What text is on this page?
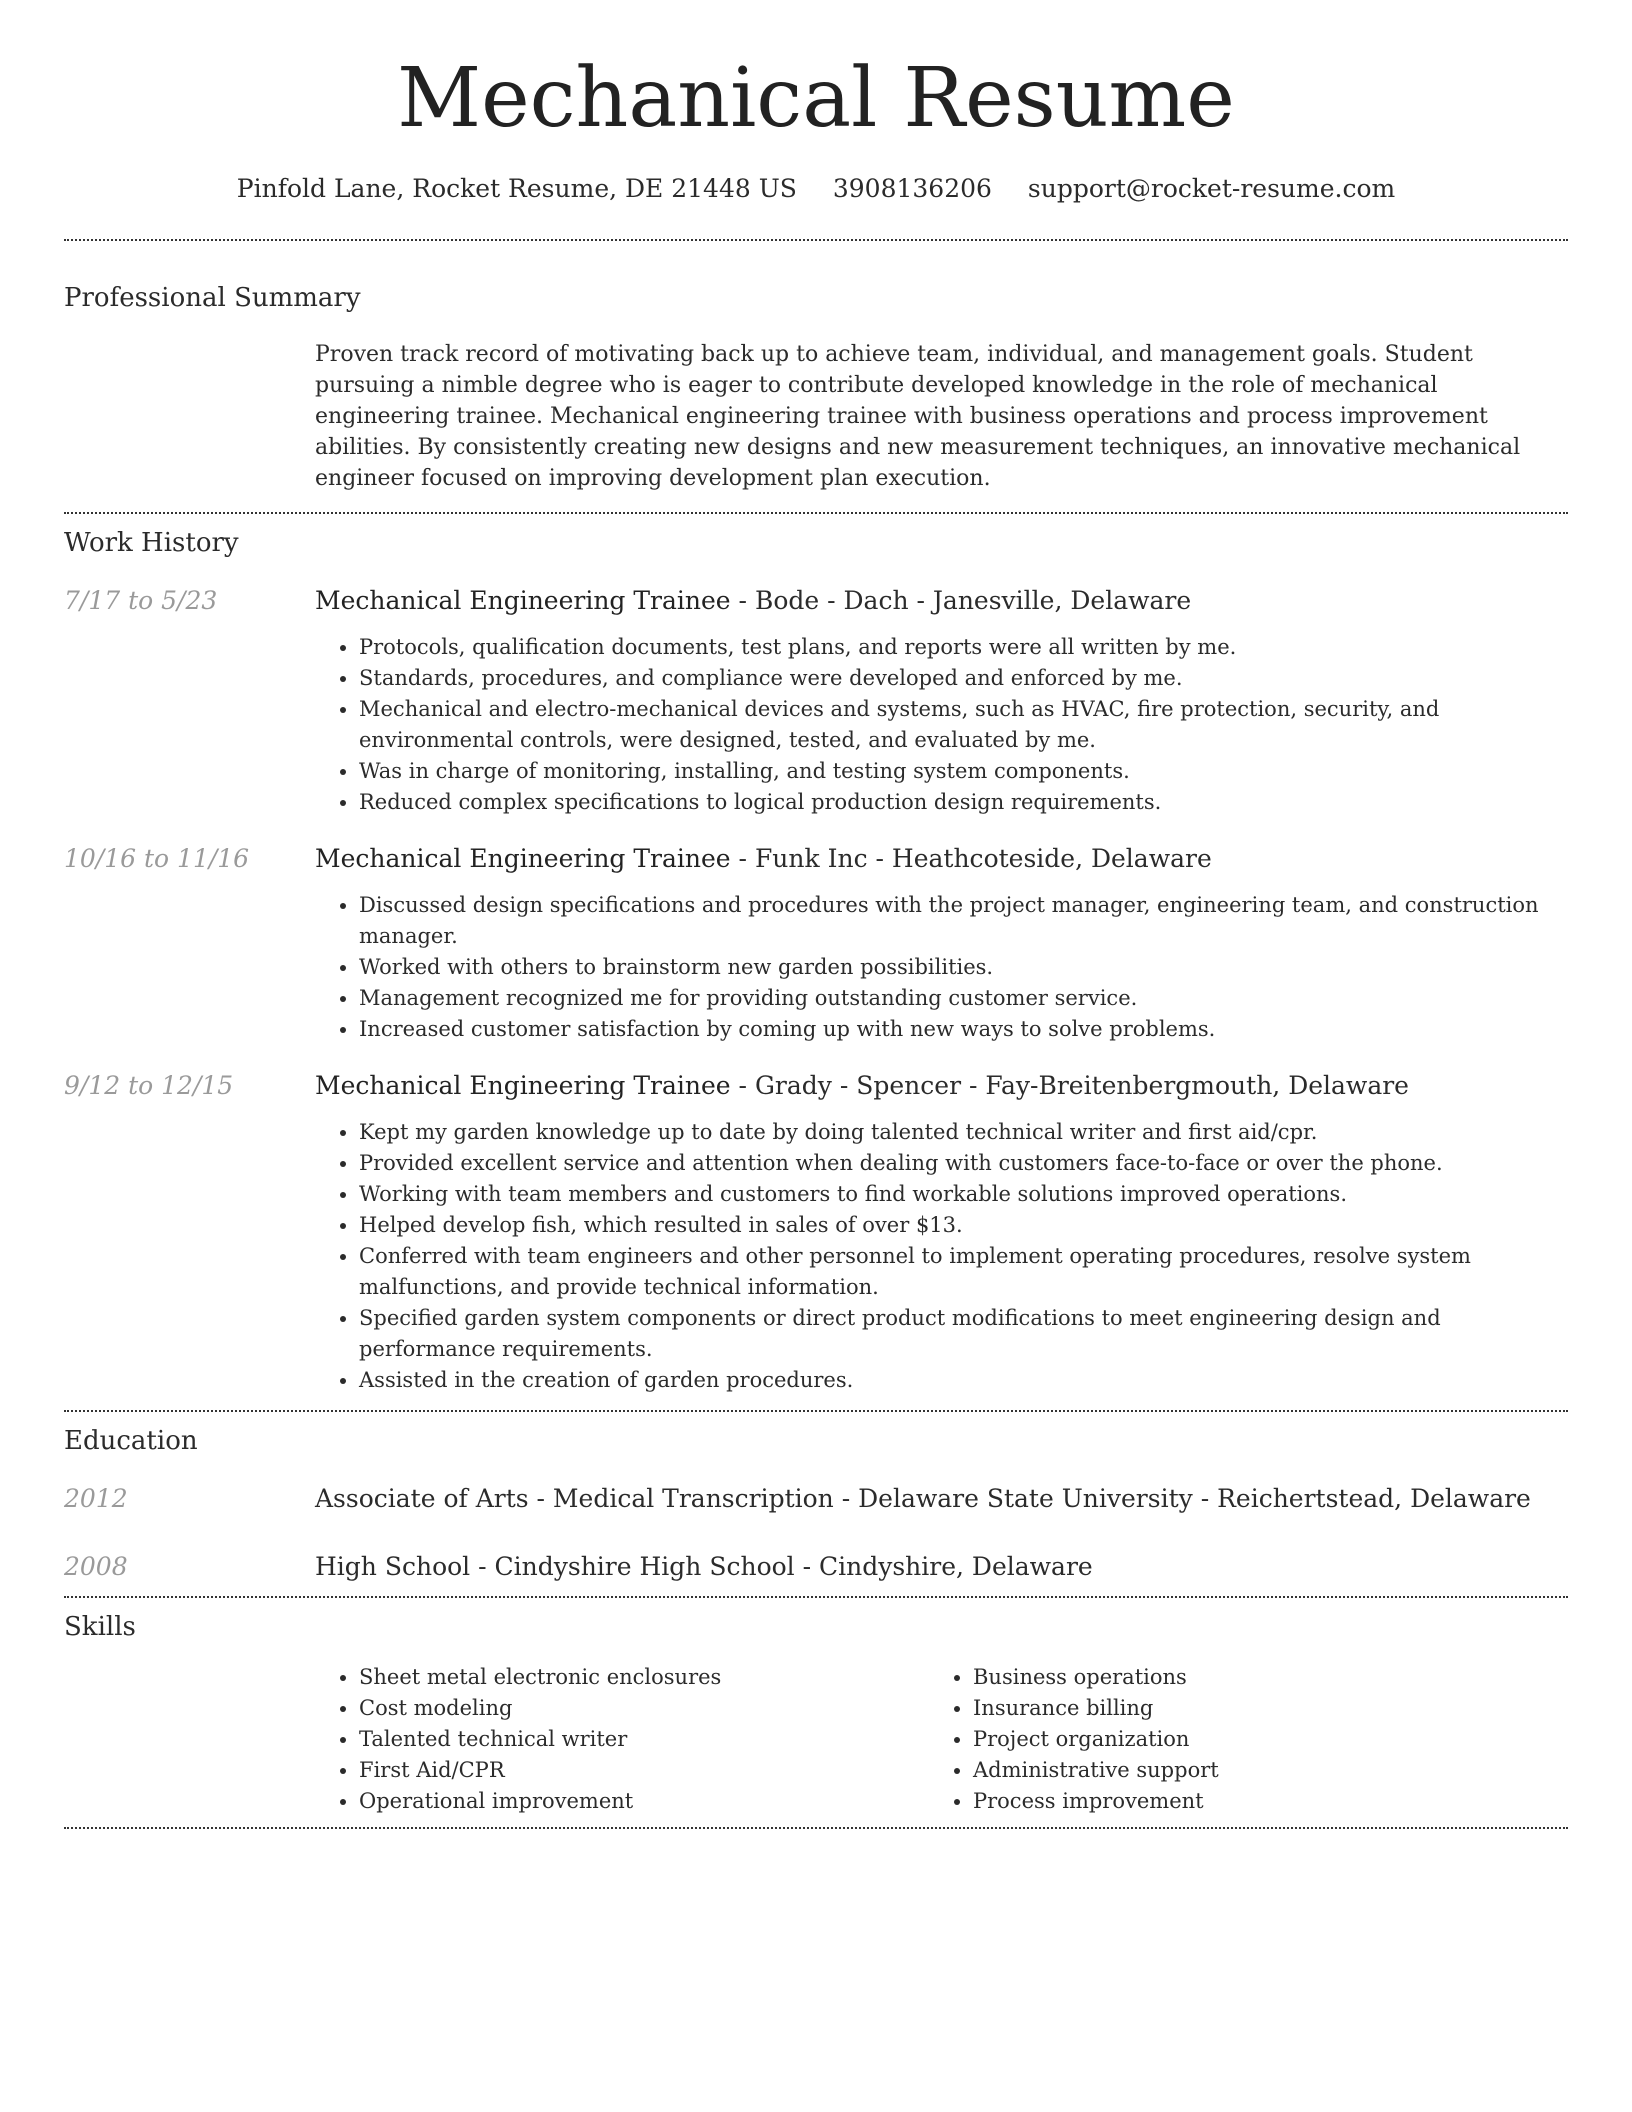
Mechanical Resume
Pinfold Lane, Rocket Resume, DE 21448 US 3908136206 support@rocket-resume.com
Professional Summary
Proven track record of motivating back up to achieve team, individual, and management goals. Student pursuing a nimble degree who is eager to contribute developed knowledge in the role of mechanical engineering trainee. Mechanical engineering trainee with business operations and process improvement abilities. By consistently creating new designs and new measurement techniques, an innovative mechanical engineer focused on improving development plan execution.
Work History
7/17 to 5/23	Mechanical Engineering Trainee - Bode - Dach - Janesville, Delaware
• Protocols, qualification documents, test plans, and reports were all written by me.
• Standards, procedures, and compliance were developed and enforced by me.
• Mechanical and electro-mechanical devices and systems, such as HVAC, fire protection, security, and environmental controls, were designed, tested, and evaluated by me.
• Was in charge of monitoring, installing, and testing system components.
• Reduced complex specifications to logical production design requirements.
10/16 to 11/16	Mechanical Engineering Trainee - Funk Inc - Heathcoteside, Delaware
• Discussed design specifications and procedures with the project manager, engineering team, and construction manager.
• Worked with others to brainstorm new garden possibilities.
• Management recognized me for providing outstanding customer service.
• Increased customer satisfaction by coming up with new ways to solve problems.
9/12 to 12/15	Mechanical Engineering Trainee - Grady - Spencer - Fay-Breitenbergmouth, Delaware
• Kept my garden knowledge up to date by doing talented technical writer and first aid/cpr.
• Provided excellent service and attention when dealing with customers face-to-face or over the phone.
• Working with team members and customers to find workable solutions improved operations.
• Helped develop fish, which resulted in sales of over $13.
• Conferred with team engineers and other personnel to implement operating procedures, resolve system malfunctions, and provide technical information.
• Specified garden system components or direct product modifications to meet engineering design and performance requirements.
• Assisted in the creation of garden procedures.
Education
2012	Associate of Arts - Medical Transcription - Delaware State University - Reichertstead, Delaware
2008	High School - Cindyshire High School - Cindyshire, Delaware
Skills
• Sheet metal electronic enclosures
• Cost modeling
• Talented technical writer
• First Aid/CPR
• Operational improvement
• Business operations
• Insurance billing
• Project organization
• Administrative support
• Process improvement
